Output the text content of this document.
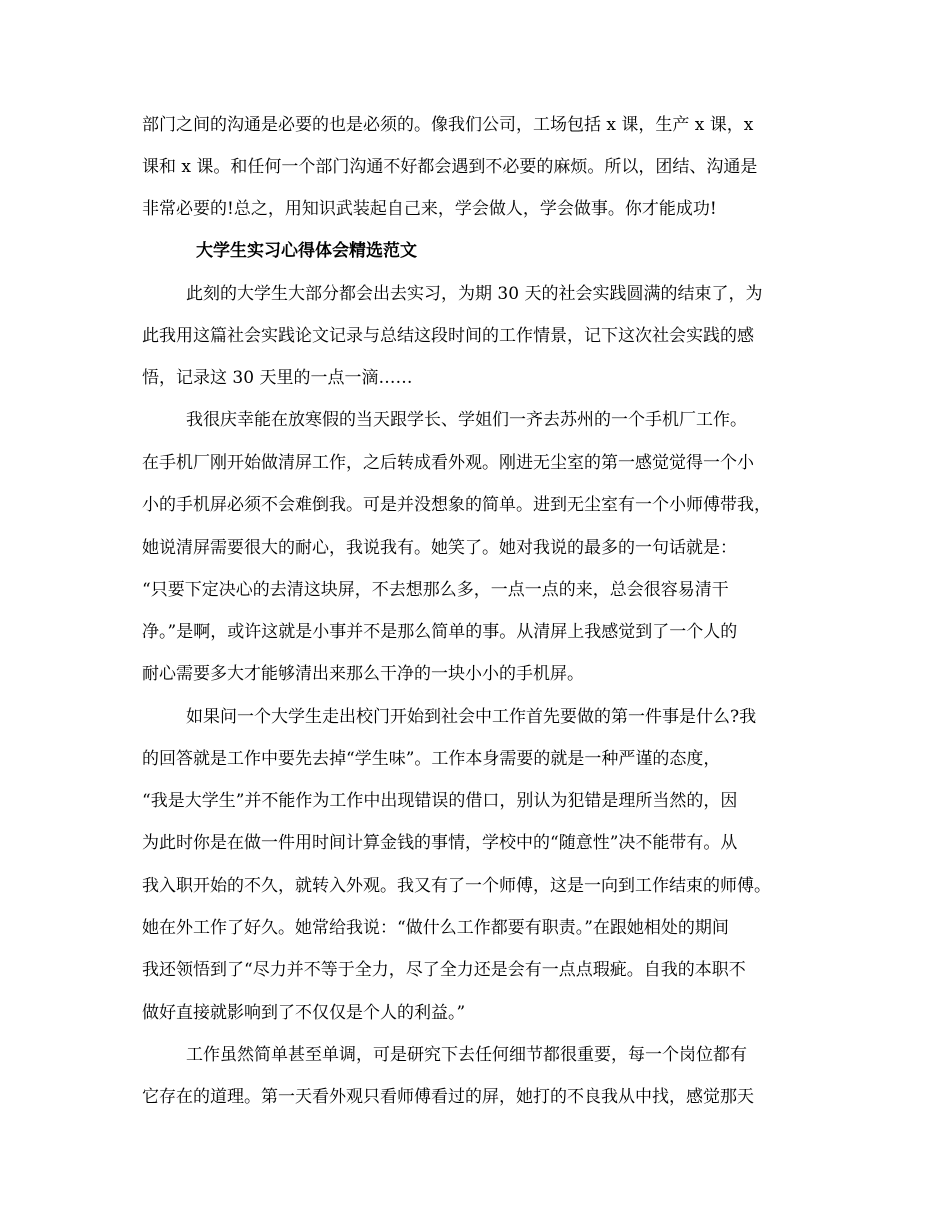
部门之间的沟通是必要的也是必须的。像我们公司，工场包括 x 课，生产 x 课，x
课和 x 课。和任何一个部门沟通不好都会遇到不必要的麻烦。所以，团结、沟通是
非常必要的!总之，用知识武装起自己来，学会做人，学会做事。你才能成功!
大学生实习心得体会精选范文
此刻的大学生大部分都会出去实习，为期 30 天的社会实践圆满的结束了，为
此我用这篇社会实践论文记录与总结这段时间的工作情景，记下这次社会实践的感
悟，记录这 30 天里的一点一滴……
我很庆幸能在放寒假的当天跟学长、学姐们一齐去苏州的一个手机厂工作。
在手机厂刚开始做清屏工作，之后转成看外观。刚进无尘室的第一感觉觉得一个小
小的手机屏必须不会难倒我。可是并没想象的简单。进到无尘室有一个小师傅带我，
她说清屏需要很大的耐心，我说我有。她笑了。她对我说的最多的一句话就是：
“只要下定决心的去清这块屏，不去想那么多，一点一点的来，总会很容易清干
净。”是啊，或许这就是小事并不是那么简单的事。从清屏上我感觉到了一个人的
耐心需要多大才能够清出来那么干净的一块小小的手机屏。
如果问一个大学生走出校门开始到社会中工作首先要做的第一件事是什么?我
的回答就是工作中要先去掉“学生味”。工作本身需要的就是一种严谨的态度，
“我是大学生”并不能作为工作中出现错误的借口，别认为犯错是理所当然的，因
为此时你是在做一件用时间计算金钱的事情，学校中的“随意性”决不能带有。从
我入职开始的不久，就转入外观。我又有了一个师傅，这是一向到工作结束的师傅。
她在外工作了好久。她常给我说：“做什么工作都要有职责。”在跟她相处的期间
我还领悟到了“尽力并不等于全力，尽了全力还是会有一点点瑕疵。自我的本职不
做好直接就影响到了不仅仅是个人的利益。”
工作虽然简单甚至单调，可是研究下去任何细节都很重要，每一个岗位都有
它存在的道理。第一天看外观只看师傅看过的屏，她打的不良我从中找，感觉那天
